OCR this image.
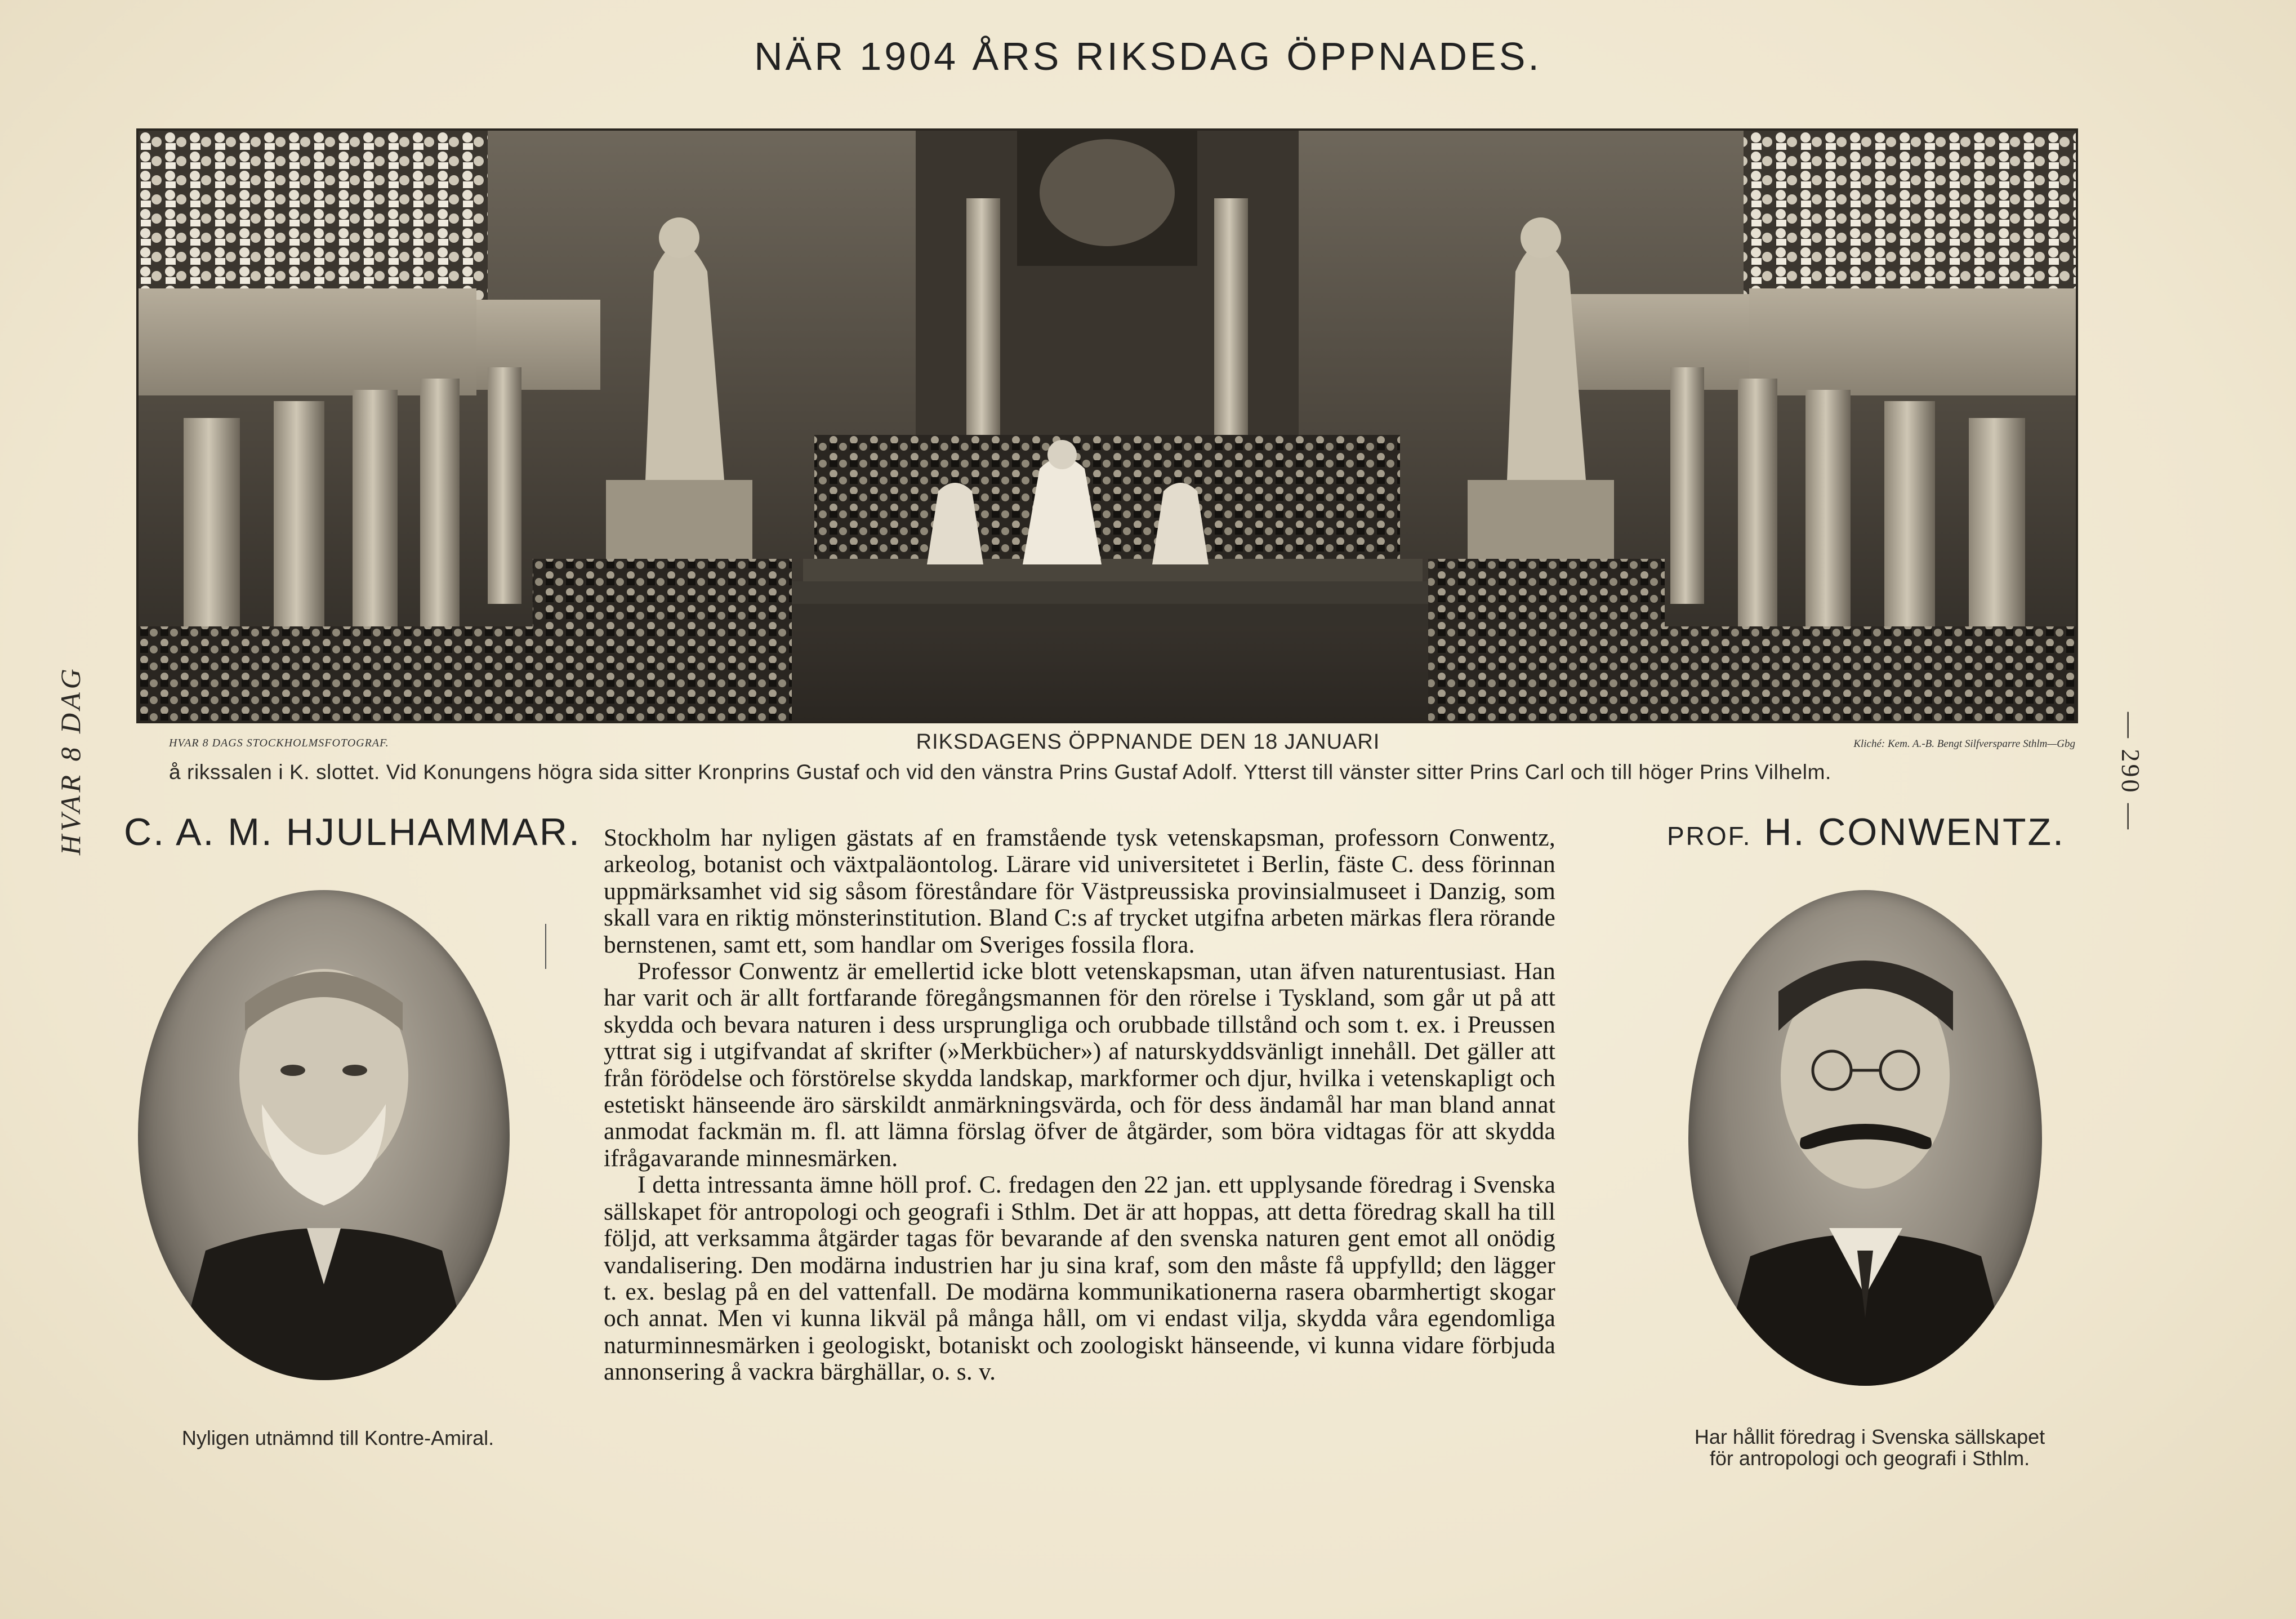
NÄR 1904 ÅRS RIKSDAG ÖPPNADES.
HVAR 8 DAGS STOCKHOLMSFOTOGRAF.	RIKSDAGENS ÖPPNANDE DEN 18 JANUARI	Kliché: Kem. A.-B. Bengt Silfversparre Sthlm—Gbg
å rikssalen i K. slottet. Vid Konungens högra sida sitter Kronprins Gustaf och vid den vänstra Prins Gustaf Adolf. Ytterst till vänster sitter Prins Carl och till höger Prins Vilhelm.
HVAR 8 DAG	— 290 —
C. A. M. HJULHAMMAR.	PROF. H. CONWENTZ.
Nyligen utnämnd till Kontre-Amiral.	Har hållit föredrag i Svenska sällskapet
för antropologi och geografi i Sthlm.

Stockholm har nyligen gästats af en framstående tysk vetenskapsman, professorn Conwentz, arkeolog, botanist och växtpaläontolog. Lärare vid universitetet i Berlin, fäste C. dess förinnan uppmärksamhet vid sig såsom föreståndare för Västpreussiska provinsialmuseet i Danzig, som skall vara en riktig mönsterinstitution. Bland C:s af trycket utgifna arbeten märkas flera rörande bernstenen, samt ett, som handlar om Sveriges fossila flora.

Professor Conwentz är emellertid icke blott vetenskapsman, utan äfven naturentusiast. Han har varit och är allt fortfarande föregångsmannen för den rörelse i Tyskland, som går ut på att skydda och bevara naturen i dess ursprungliga och orubbade tillstånd och som t. ex. i Preussen yttrat sig i utgifvandat af skrifter (»Merkbücher») af naturskyddsvänligt innehåll. Det gäller att från förödelse och förstörelse skydda landskap, markformer och djur, hvilka i vetenskapligt och estetiskt hänseende äro särskildt anmärkningsvärda, och för dess ändamål har man bland annat anmodat fackmän m. fl. att lämna förslag öfver de åtgärder, som böra vidtagas för att skydda ifrågavarande minnesmärken.

I detta intressanta ämne höll prof. C. fredagen den 22 jan. ett upplysande föredrag i Svenska sällskapet för antropologi och geografi i Sthlm. Det är att hoppas, att detta föredrag skall ha till följd, att verksamma åtgärder tagas för bevarande af den svenska naturen gent emot all onödig vandalisering. Den modärna industrien har ju sina kraf, som den måste få uppfylld; den lägger t. ex. beslag på en del vattenfall. De modärna kommunikationerna rasera obarmhertigt skogar och annat. Men vi kunna likväl på många håll, om vi endast vilja, skydda våra egendomliga naturminnesmärken i geologiskt, botaniskt och zoologiskt hänseende, vi kunna vidare förbjuda annonsering å vackra bärghällar, o. s. v.
